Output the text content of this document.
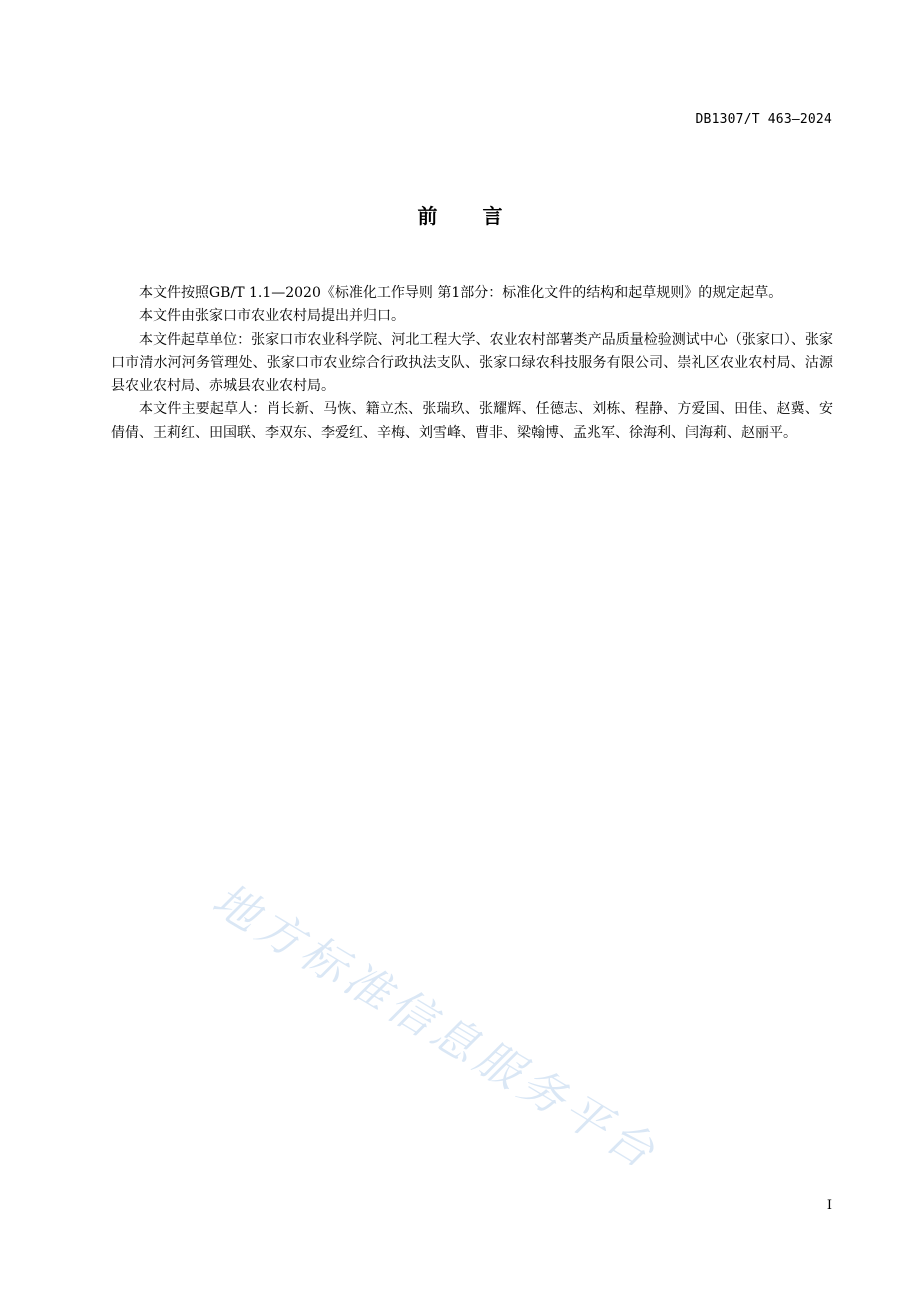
DB1307/T 463—2024
前言

本文件按照GB/T 1.1—2020《标准化工作导则 第1部分：标准化文件的结构和起草规则》的规定起草。

本文件由张家口市农业农村局提出并归口。

本文件起草单位：张家口市农业科学院、河北工程大学、农业农村部薯类产品质量检验测试中心（张家口）、张家口市清水河河务管理处、张家口市农业综合行政执法支队、张家口绿农科技服务有限公司、崇礼区农业农村局、沽源县农业农村局、赤城县农业农村局。

本文件主要起草人：肖长新、马恢、籍立杰、张瑞玖、张耀辉、任德志、刘栋、程静、方爱国、田佳、赵冀、安倩倩、王莉红、田国联、李双东、李爱红、辛梅、刘雪峰、曹非、梁翰博、孟兆军、徐海利、闫海莉、赵丽平。

地方标准信息服务平台
I
